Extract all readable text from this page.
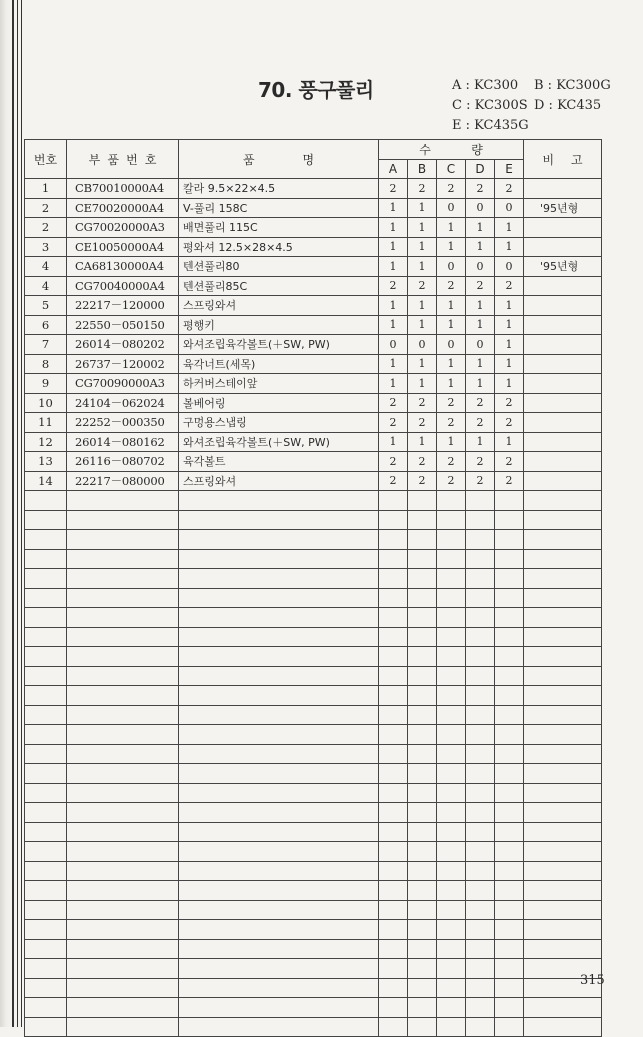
70. 풍구풀리	A : KC300 B : KC300G
C : KC300S D : KC435
E : KC435G
번호	부 품 번 호	품 명	수 량					비 고

			A	B	C	D	E	
1	CB70010000A4	칼라 9.5×22×4.5	2	2	2	2	2	
2	CE70020000A4	V-풀리 158C	1	1	0	0	0	'95년형
2	CG70020000A3	배면풀리 115C	1	1	1	1	1	
3	CE10050000A4	평와셔 12.5×28×4.5	1	1	1	1	1	
4	CA68130000A4	텐션풀리80	1	1	0	0	0	'95년형
4	CG70040000A4	텐션풀리85C	2	2	2	2	2	
5	22217－120000	스프링와셔	1	1	1	1	1	
6	22550－050150	평행키	1	1	1	1	1	
7	26014－080202	와셔조립육각볼트(＋SW, PW)	0	0	0	0	1	
8	26737－120002	육각너트(세목)	1	1	1	1	1	
9	CG70090000A3	하커버스테이앞	1	1	1	1	1	
10	24104－062024	볼베어링	2	2	2	2	2	
11	22252－000350	구멍용스냅링	2	2	2	2	2	
12	26014－080162	와셔조립육각볼트(＋SW, PW)	1	1	1	1	1	
13	26116－080702	육각볼트	2	2	2	2	2	
14	22217－080000	스프링와셔	2	2	2	2	2	

315
